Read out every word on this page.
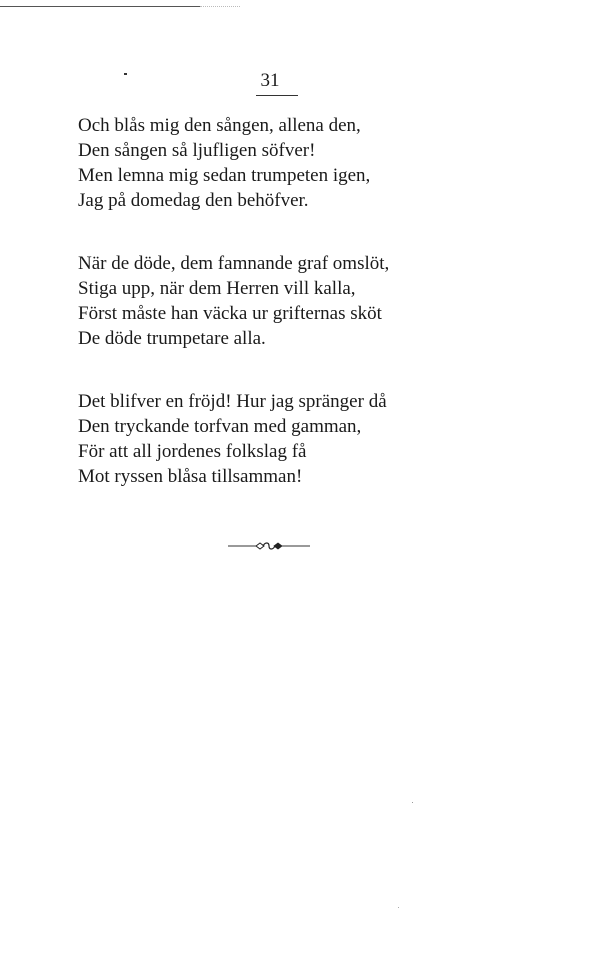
31
Och blås mig den sången, allena den,
Den sången så ljufligen söfver!
Men lemna mig sedan trumpeten igen,
Jag på domedag den behöfver.
När de döde, dem famnande graf omslöt,
Stiga upp, när dem Herren vill kalla,
Först måste han väcka ur grifternas sköt
De döde trumpetare alla.
Det blifver en fröjd! Hur jag spränger då
Den tryckande torfvan med gamman,
För att all jordenes folkslag få
Mot ryssen blåsa tillsamman!
